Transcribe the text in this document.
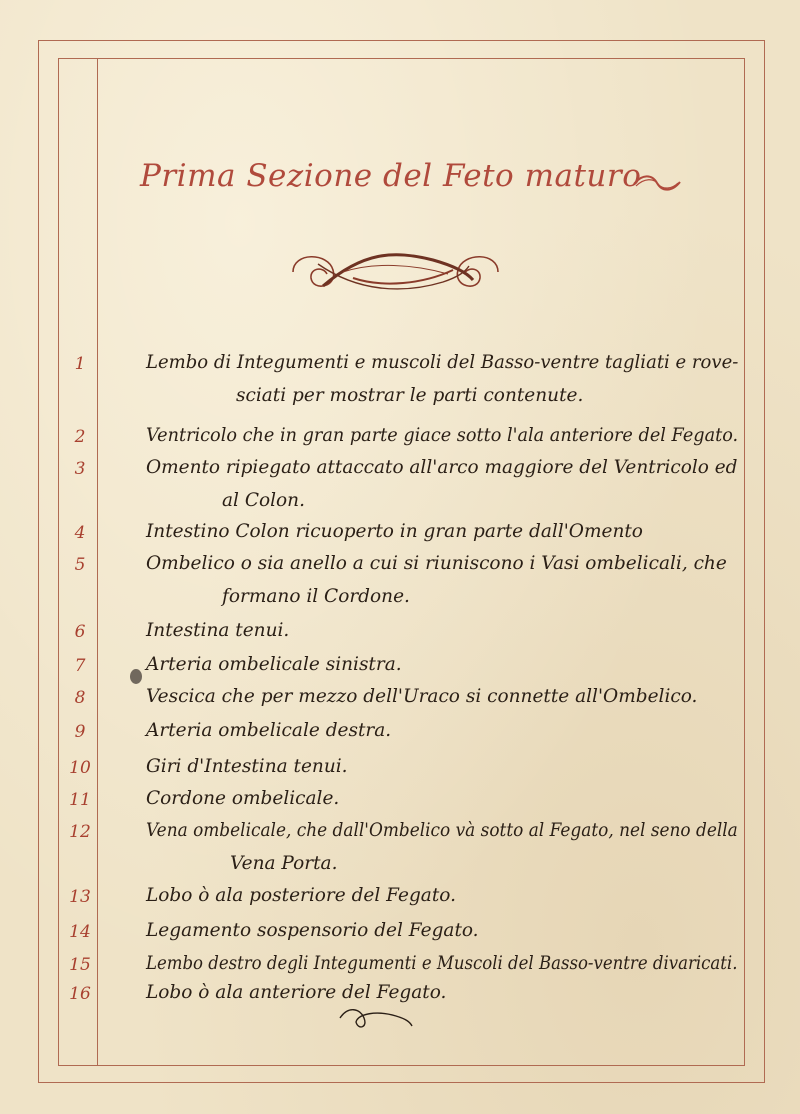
Prima Sezione del Feto maturo
1	Lembo di Integumenti e muscoli del Basso-ventre tagliati e rove-
sciati per mostrar le parti contenute.
2	Ventricolo che in gran parte giace sotto l'ala anteriore del Fegato.
3	Omento ripiegato attaccato all'arco maggiore del Ventricolo ed
al Colon.
4	Intestino Colon ricuoperto in gran parte dall'Omento
5	Ombelico o sia anello a cui si riuniscono i Vasi ombelicali, che
formano il Cordone.
6	Intestina tenui.
7	Arteria ombelicale sinistra.
8	Vescica che per mezzo dell'Uraco si connette all'Ombelico.
9	Arteria ombelicale destra.
10	Giri d'Intestina tenui.
11	Cordone ombelicale.
12	Vena ombelicale, che dall'Ombelico và sotto al Fegato, nel seno della
Vena Porta.
13	Lobo ò ala posteriore del Fegato.
14	Legamento sospensorio del Fegato.
15	Lembo destro degli Integumenti e Muscoli del Basso-ventre divaricati.
16	Lobo ò ala anteriore del Fegato.
